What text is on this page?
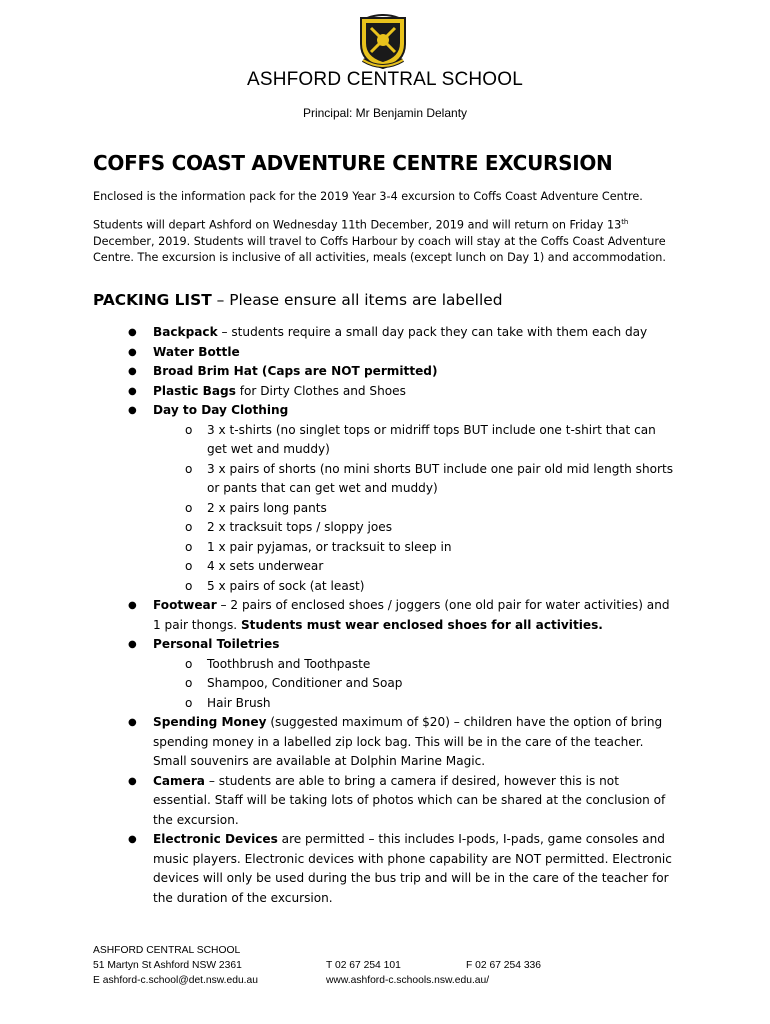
ASHFORD CENTRAL SCHOOL
Principal: Mr Benjamin Delanty
COFFS COAST ADVENTURE CENTRE EXCURSION
Enclosed is the information pack for the 2019 Year 3-4 excursion to Coffs Coast Adventure Centre.
Students will depart Ashford on Wednesday 11th December, 2019 and will return on Friday 13th December, 2019. Students will travel to Coffs Harbour by coach will stay at the Coffs Coast Adventure Centre. The excursion is inclusive of all activities, meals (except lunch on Day 1) and accommodation.
PACKING LIST – Please ensure all items are labelled
● Backpack – students require a small day pack they can take with them each day
● Water Bottle
● Broad Brim Hat (Caps are NOT permitted)
● Plastic Bags for Dirty Clothes and Shoes
● Day to Day Clothing
o 3 x t-shirts (no singlet tops or midriff tops BUT include one t-shirt that can get wet and muddy)
o 3 x pairs of shorts (no mini shorts BUT include one pair old mid length shorts or pants that can get wet and muddy)
o 2 x pairs long pants
o 2 x tracksuit tops / sloppy joes
o 1 x pair pyjamas, or tracksuit to sleep in
o 4 x sets underwear
o 5 x pairs of sock (at least)
● Footwear – 2 pairs of enclosed shoes / joggers (one old pair for water activities) and 1 pair thongs. Students must wear enclosed shoes for all activities.
● Personal Toiletries
o Toothbrush and Toothpaste
o Shampoo, Conditioner and Soap
o Hair Brush
● Spending Money (suggested maximum of $20) – children have the option of bring spending money in a labelled zip lock bag. This will be in the care of the teacher. Small souvenirs are available at Dolphin Marine Magic.
● Camera – students are able to bring a camera if desired, however this is not essential. Staff will be taking lots of photos which can be shared at the conclusion of the excursion.
● Electronic Devices are permitted – this includes I-pods, I-pads, game consoles and music players. Electronic devices with phone capability are NOT permitted. Electronic devices will only be used during the bus trip and will be in the care of the teacher for the duration of the excursion.
ASHFORD CENTRAL SCHOOL
51 Martyn St Ashford NSW 2361
E ashford-c.school@det.nsw.edu.au

T 02 67 254 101
www.ashford-c.schools.nsw.edu.au/

F 02 67 254 336
